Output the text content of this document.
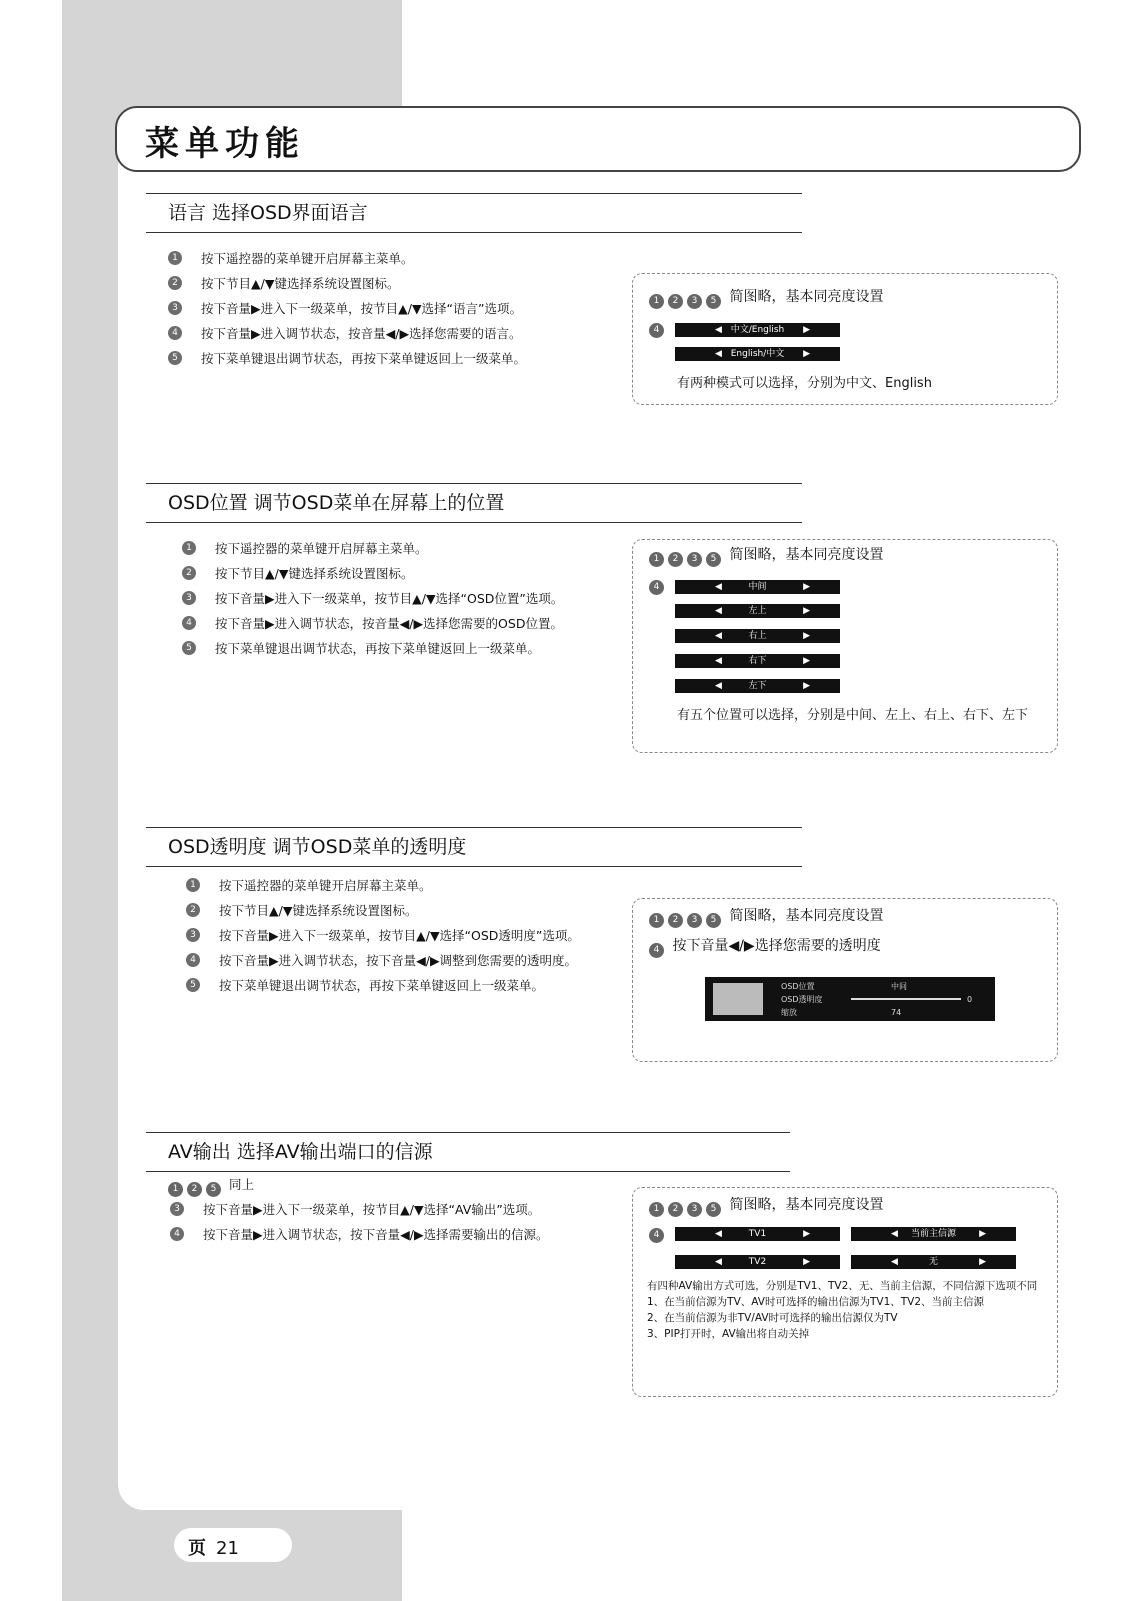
菜单功能
语言 选择OSD界面语言
1	按下遥控器的菜单键开启屏幕主菜单。
2	按下节目▲/▼键选择系统设置图标。
3	按下音量▶进入下一级菜单，按节目▲/▼选择“语言”选项。
4	按下音量▶进入调节状态，按音量◀/▶选择您需要的语言。
5	按下菜单键退出调节状态，再按下菜单键返回上一级菜单。
1 2 3 5 简图略，基本同亮度设置
4	◀ 中文/English ▶
◀ English/中文 ▶
有两种模式可以选择，分别为中文、English
OSD位置 调节OSD菜单在屏幕上的位置
1	按下遥控器的菜单键开启屏幕主菜单。
2	按下节目▲/▼键选择系统设置图标。
3	按下音量▶进入下一级菜单，按节目▲/▼选择“OSD位置”选项。
4	按下音量▶进入调节状态，按音量◀/▶选择您需要的OSD位置。
5	按下菜单键退出调节状态，再按下菜单键返回上一级菜单。
1 2 3 5 简图略，基本同亮度设置
4	◀	中间	▶
◀	左上	▶
◀	右上	▶
◀	右下	▶
◀	左下	▶
有五个位置可以选择，分别是中间、左上、右上、右下、左下
OSD透明度 调节OSD菜单的透明度
1	按下遥控器的菜单键开启屏幕主菜单。
2	按下节目▲/▼键选择系统设置图标。
3	按下音量▶进入下一级菜单，按节目▲/▼选择“OSD透明度”选项。
4	按下音量▶进入调节状态，按下音量◀/▶调整到您需要的透明度。
5	按下菜单键退出调节状态，再按下菜单键返回上一级菜单。
1 2 3 5 简图略，基本同亮度设置
4 按下音量◀/▶选择您需要的透明度
OSD位置	中间
OSD透明度	0
缩放	74
AV输出 选择AV输出端口的信源
1 2 5 同上
3	按下音量▶进入下一级菜单，按节目▲/▼选择“AV输出”选项。
4	按下音量▶进入调节状态，按下音量◀/▶选择需要输出的信源。
1 2 3 5 简图略，基本同亮度设置
4	◀	TV1	▶	◀ 当前主信源	▶
◀	TV2	▶	◀	无	▶
有四种AV输出方式可选，分别是TV1、TV2、无、当前主信源，不同信源下选项不同
1、在当前信源为TV、AV时可选择的输出信源为TV1、TV2、当前主信源
2、在当前信源为非TV/AV时可选择的输出信源仅为TV
3、PIP打开时，AV输出将自动关掉
页 21
